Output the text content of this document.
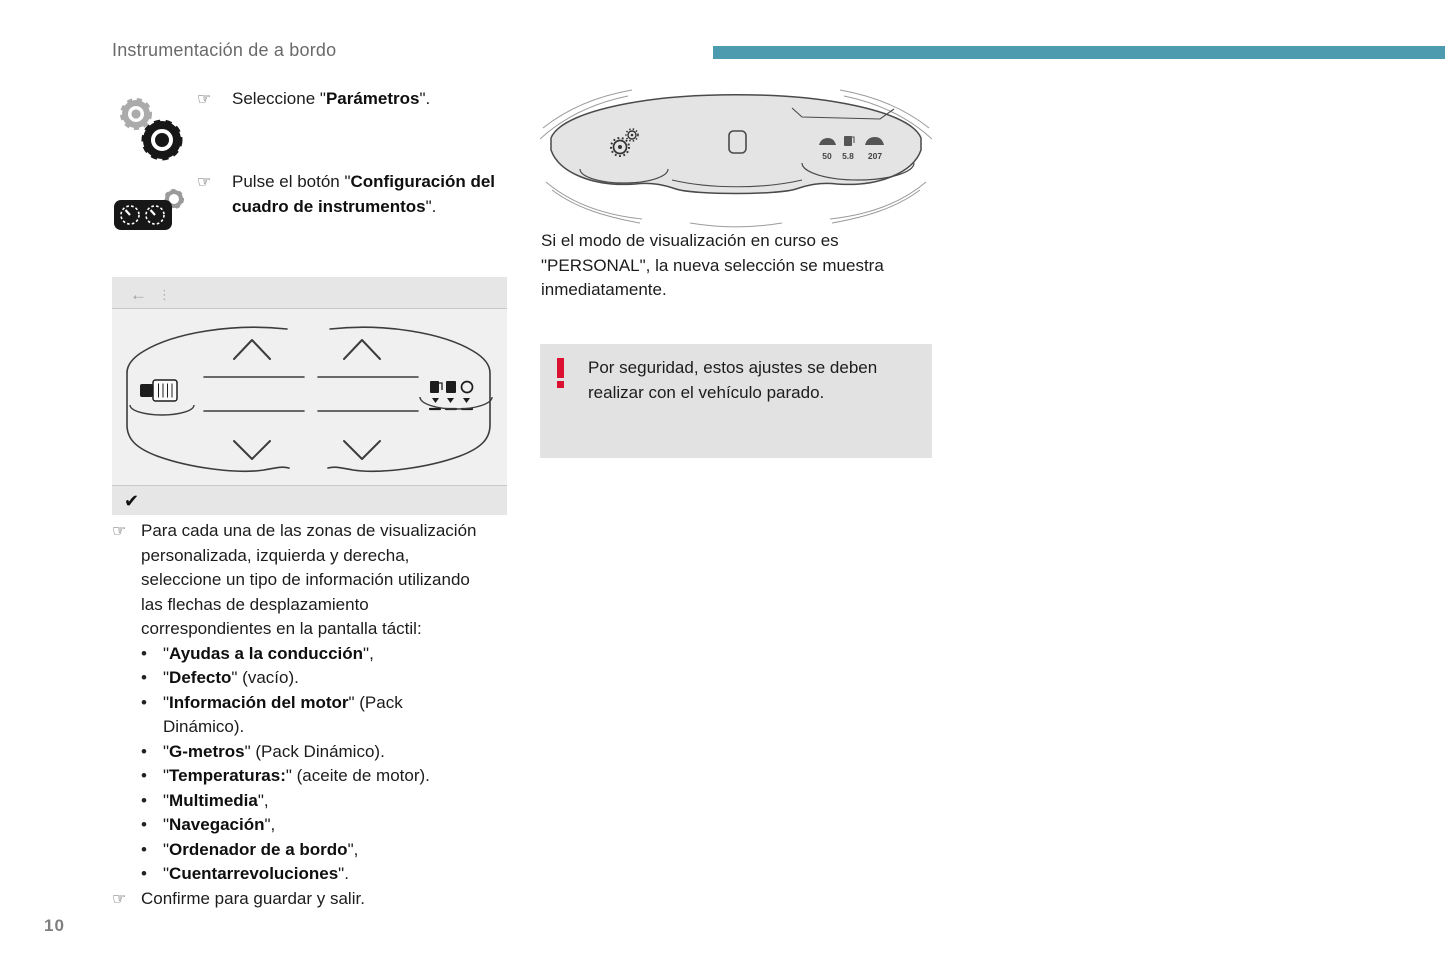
Instrumentación de a bordo
☞	Seleccione "Parámetros".
☞	Pulse el botón "Configuración del cuadro de instrumentos".
← ⋮
✔
☞ Para cada una de las zonas de visualización personalizada, izquierda y derecha, seleccione un tipo de información utilizando las flechas de desplazamiento correspondientes en la pantalla táctil:
• "Ayudas a la conducción",
• "Defecto" (vacío).
• "Información del motor" (Pack Dinámico).
• "G-metros" (Pack Dinámico).
• "Temperaturas:" (aceite de motor).
• "Multimedia",
• "Navegación",
• "Ordenador de a bordo",
• "Cuentarrevoluciones".
☞ Confirme para guardar y salir.
50 5.8 207
Si el modo de visualización en curso es "PERSONAL", la nueva selección se muestra inmediatamente.
Por seguridad, estos ajustes se deben realizar con el vehículo parado.
10
